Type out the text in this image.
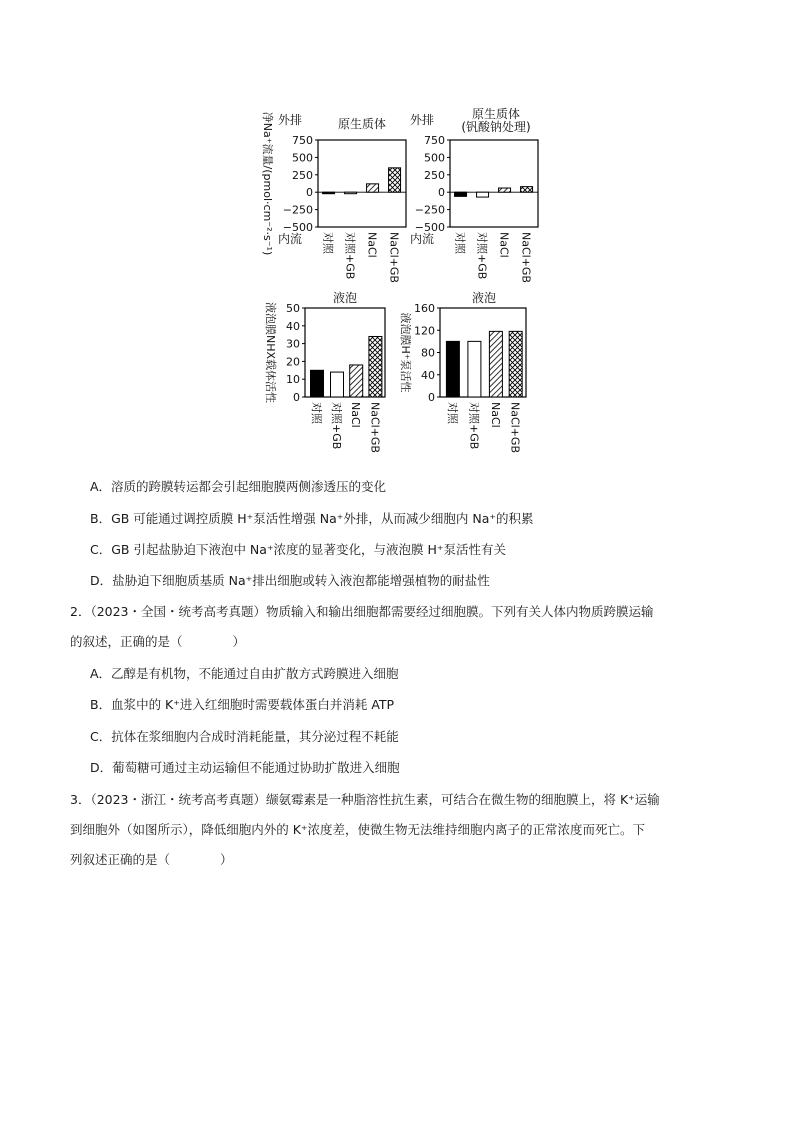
750
500
250
0
−250
−500
原生质体
外排
内流
净Na⁺流量/(pmol·cm⁻²·s⁻¹)	对照 对照+GB NaCl NaCl+GB
750
500
250
0
−250
−500
原生质体
(钒酸钠处理)
外排
内流 对照 对照+GB NaCl NaCl+GB
50
40
30
20
10
0
液泡
液泡膜NHX载体活性
对照 对照+GB NaCl NaCl+GB
160
120
80
40
0
液泡
液泡膜H⁺泵活性
对照 对照+GB NaCl NaCl+GB
A．溶质的跨膜转运都会引起细胞膜两侧渗透压的变化
B．GB 可能通过调控质膜 H⁺泵活性增强 Na⁺外排，从而减少细胞内 Na⁺的积累
C．GB 引起盐胁迫下液泡中 Na⁺浓度的显著变化，与液泡膜 H⁺泵活性有关
D．盐胁迫下细胞质基质 Na⁺排出细胞或转入液泡都能增强植物的耐盐性
2．（2023・全国・统考高考真题）物质输入和输出细胞都需要经过细胞膜。下列有关人体内物质跨膜运输
的叙述，正确的是（　　　　）
A．乙醇是有机物，不能通过自由扩散方式跨膜进入细胞
B．血浆中的 K⁺进入红细胞时需要载体蛋白并消耗 ATP
C．抗体在浆细胞内合成时消耗能量，其分泌过程不耗能
D．葡萄糖可通过主动运输但不能通过协助扩散进入细胞
3．（2023・浙江・统考高考真题）缬氨霉素是一种脂溶性抗生素，可结合在微生物的细胞膜上，将 K⁺运输
到细胞外（如图所示），降低细胞内外的 K⁺浓度差，使微生物无法维持细胞内离子的正常浓度而死亡。下
列叙述正确的是（　　　　）
